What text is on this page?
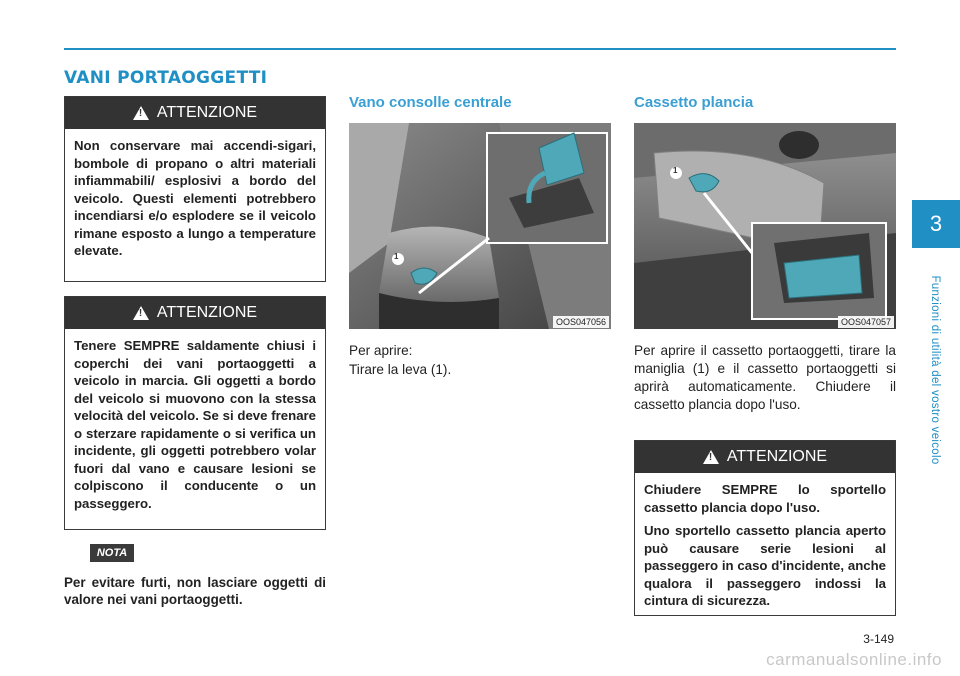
VANI PORTAOGGETTI
!
ATTENZIONE

Non conservare mai accendi-sigari, bombole di propano o altri materiali infiammabili/ esplosivi a bordo del veicolo. Questi elementi potrebbero incendiarsi e/o esplodere se il veicolo rimane esposto a lungo a temperature elevate.

!
ATTENZIONE

Tenere SEMPRE saldamente chiusi i coperchi dei vani portaoggetti a veicolo in marcia. Gli oggetti a bordo del veicolo si muovono con la stessa velocità del veicolo. Se si deve frenare o sterzare rapidamente o si verifica un incidente, gli oggetti potrebbero volar fuori dal vano e causare lesioni se colpiscono il conducente o un passeggero.

NOTA
Per evitare furti, non lasciare oggetti di valore nei vani portaoggetti.
Vano consolle centrale
1
OOS047056
Per aprire:
Tirare la leva (1).
Cassetto plancia
1
OOS047057
Per aprire il cassetto portaoggetti, tirare la maniglia (1) e il cassetto portaoggetti si aprirà automaticamente. Chiudere il cassetto plancia dopo l'uso.
!
ATTENZIONE

Chiudere SEMPRE lo sportello cassetto plancia dopo l'uso.

Uno sportello cassetto plancia aperto può causare serie lesioni al passeggero in caso d'incidente, anche qualora il passeggero indossi la cintura di sicurezza.

3
Funzioni di utilità del vostro veicolo
3-149
carmanualsonline.info
